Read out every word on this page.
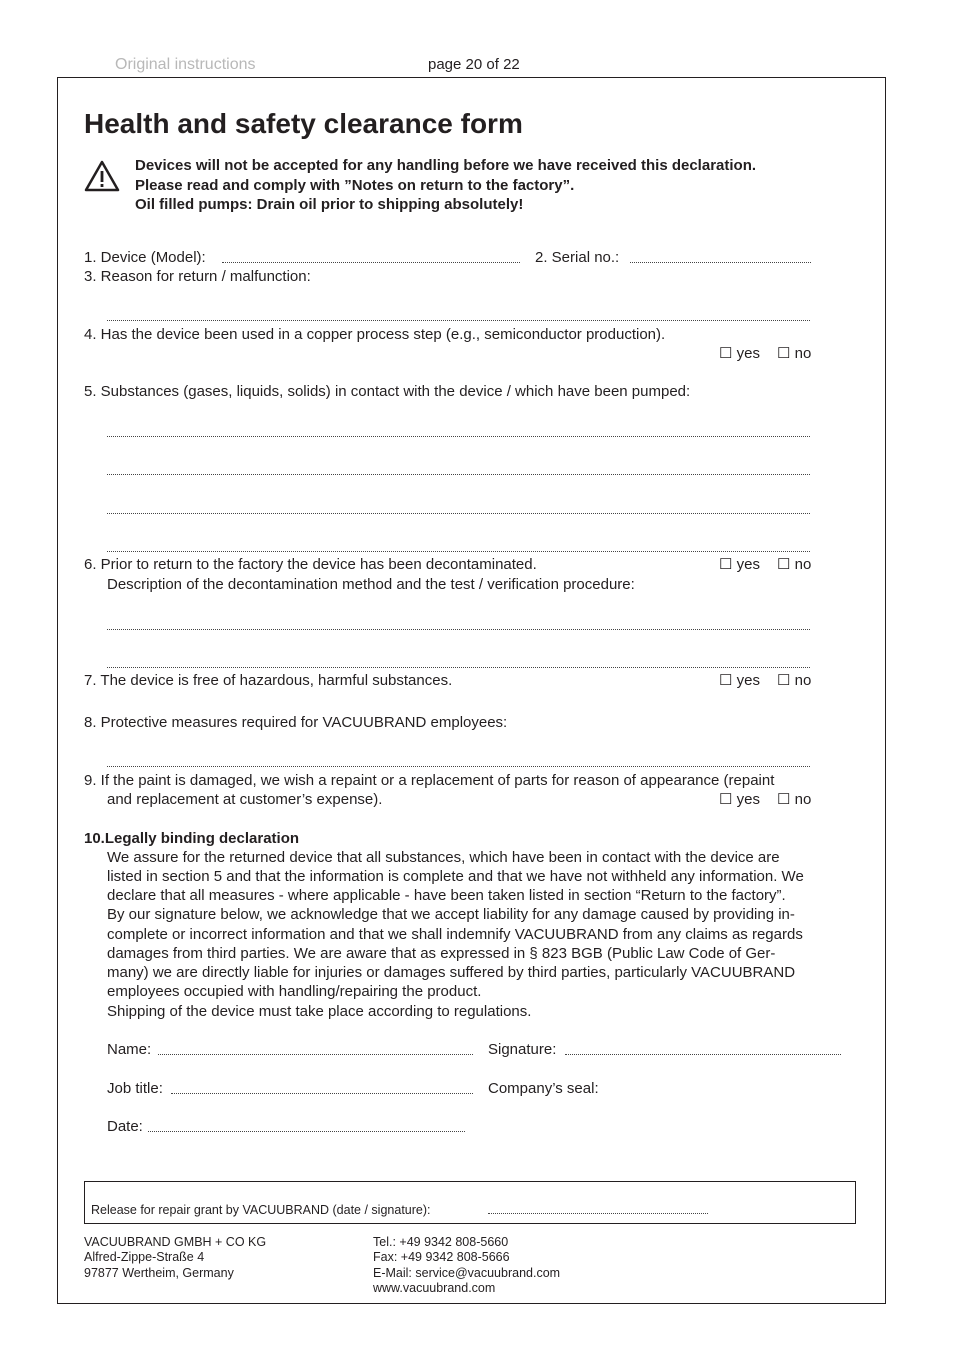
Original instructions	page 20 of 22
Health and safety clearance form
Devices will not be accepted for any handling before we have received this declaration.
Please read and comply with ”Notes on return to the factory”.
Oil filled pumps: Drain oil prior to shipping absolutely!
1. Device (Model):	2. Serial no.:
3. Reason for return / malfunction:
4. Has the device been used in a copper process step (e.g., semiconductor production).
☐ yes ☐ no
5. Substances (gases, liquids, solids) in contact with the device / which have been pumped:
6. Prior to return to the factory the device has been decontaminated.	☐ yes ☐ no
Description of the decontamination method and the test / verification procedure:
7. The device is free of hazardous, harmful substances.	☐ yes ☐ no
8. Protective measures required for VACUUBRAND employees:
9. If the paint is damaged, we wish a repaint or a replacement of parts for reason of appearance (repaint
and replacement at customer’s expense).	☐ yes ☐ no
10.Legally binding declaration
We assure for the returned device that all substances, which have been in contact with the device are
listed in section 5 and that the information is complete and that we have not withheld any information. We
declare that all measures - where applicable - have been taken listed in section “Return to the factory”.
By our signature below, we acknowledge that we accept liability for any damage caused by providing in-
complete or incorrect information and that we shall indemnify VACUUBRAND from any claims as regards
damages from third parties. We are aware that as expressed in § 823 BGB (Public Law Code of Ger-
many) we are directly liable for injuries or damages suffered by third parties, particularly VACUUBRAND
employees occupied with handling/repairing the product.
Shipping of the device must take place according to regulations.
Name:	Signature:
Job title:	Company’s seal:
Date:
Release for repair grant by VACUUBRAND (date / signature):
VACUUBRAND GMBH + CO KG
Alfred-Zippe-Straße 4
97877 Wertheim, Germany
Tel.: +49 9342 808-5660
Fax: +49 9342 808-5666
E-Mail: service@vacuubrand.com
www.vacuubrand.com
